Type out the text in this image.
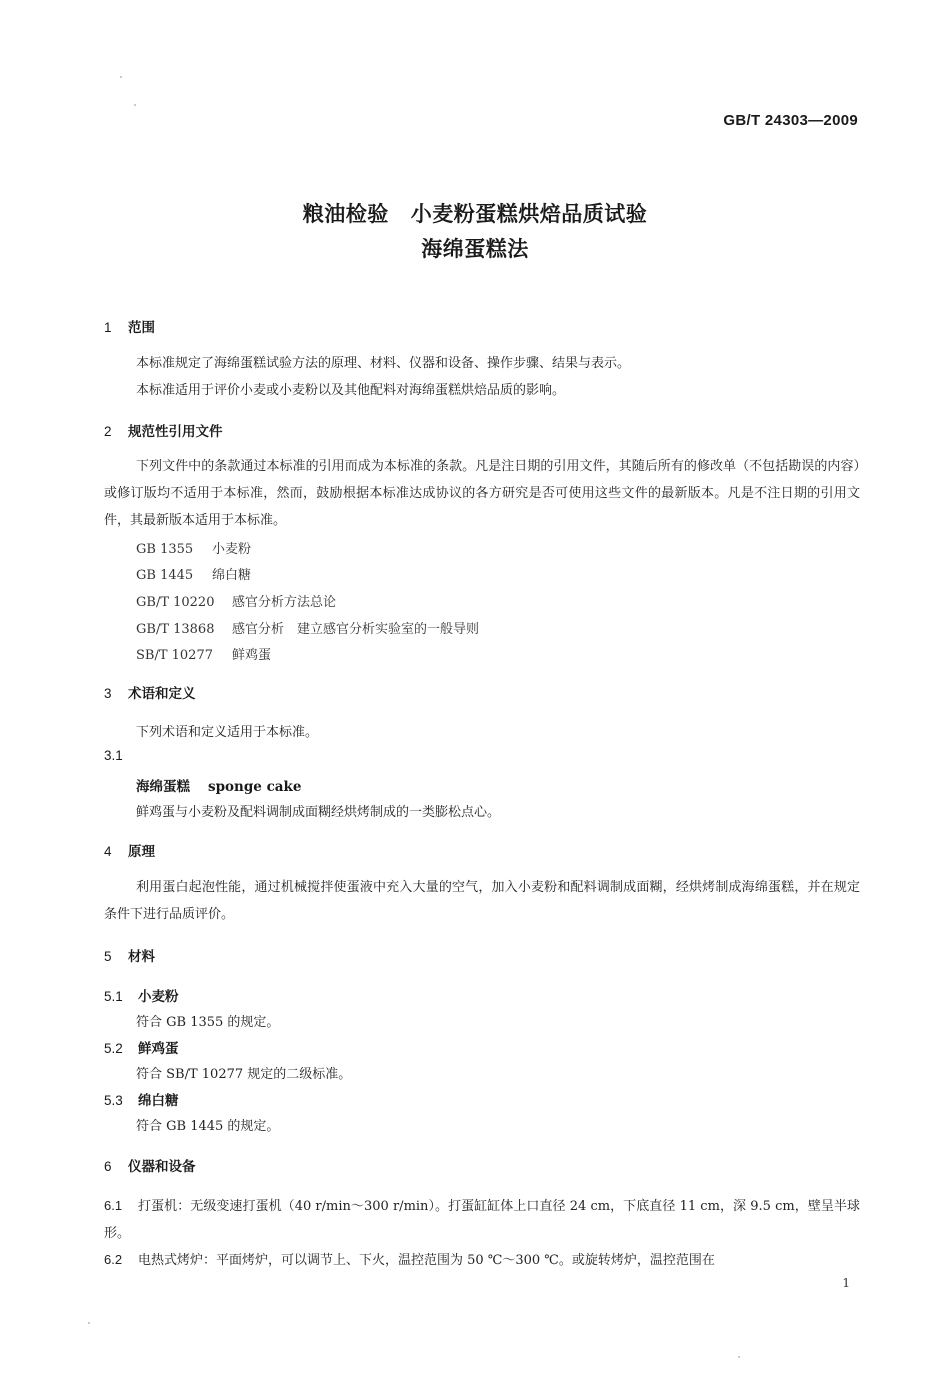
GB/T 24303—2009
粮油检验 小麦粉蛋糕烘焙品质试验
海绵蛋糕法
1 范围
本标准规定了海绵蛋糕试验方法的原理、材料、仪器和设备、操作步骤、结果与表示。
本标准适用于评价小麦或小麦粉以及其他配料对海绵蛋糕烘焙品质的影响。
2 规范性引用文件
下列文件中的条款通过本标准的引用而成为本标准的条款。凡是注日期的引用文件，其随后所有的修改单（不包括勘误的内容）或修订版均不适用于本标准，然而，鼓励根据本标准达成协议的各方研究是否可使用这些文件的最新版本。凡是不注日期的引用文件，其最新版本适用于本标准。
GB 1355 小麦粉
GB 1445 绵白糖
GB/T 10220 感官分析方法总论
GB/T 13868 感官分析　建立感官分析实验室的一般导则
SB/T 10277 鲜鸡蛋
3 术语和定义
下列术语和定义适用于本标准。
3.1
海绵蛋糕 sponge cake
鲜鸡蛋与小麦粉及配料调制成面糊经烘烤制成的一类膨松点心。
4 原理
利用蛋白起泡性能，通过机械搅拌使蛋液中充入大量的空气，加入小麦粉和配料调制成面糊，经烘烤制成海绵蛋糕，并在规定条件下进行品质评价。
5 材料
5.1 小麦粉
符合 GB 1355 的规定。
5.2 鲜鸡蛋
符合 SB/T 10277 规定的二级标准。
5.3 绵白糖
符合 GB 1445 的规定。
6 仪器和设备
6.1 打蛋机：无级变速打蛋机（40 r/min～300 r/min）。打蛋缸缸体上口直径 24 cm，下底直径 11 cm，深 9.5 cm，壁呈半球形。
6.2 电热式烤炉：平面烤炉，可以调节上、下火，温控范围为 50 ℃～300 ℃。或旋转烤炉，温控范围在
1
